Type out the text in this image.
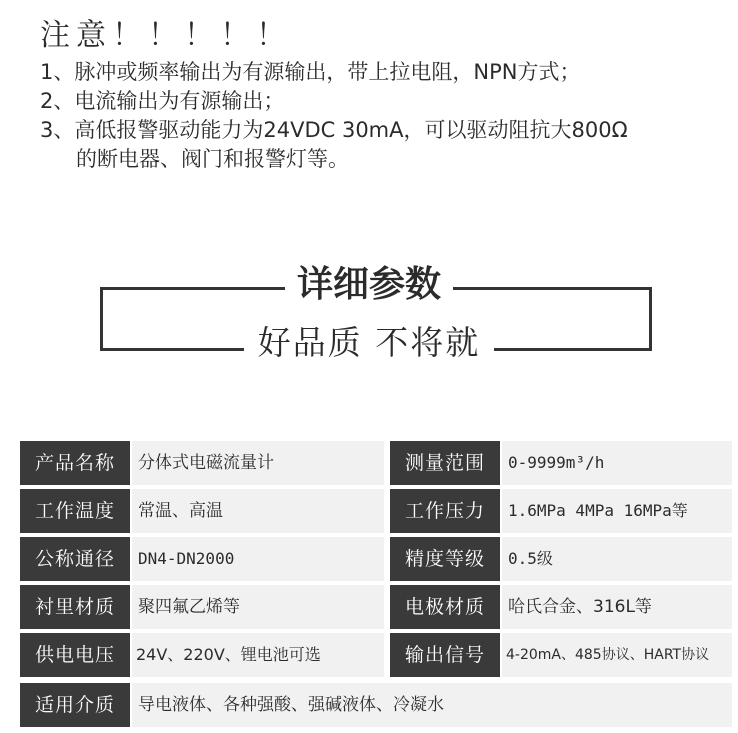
注意！！！！！
1、脉冲或频率输出为有源输出，带上拉电阻，NPN方式；
2、电流输出为有源输出；
3、高低报警驱动能力为24VDC 30mA，可以驱动阻抗大800Ω
的断电器、阀门和报警灯等。
详细参数
好品质 不将就
产品名称	分体式电磁流量计	测量范围	0-9999m³/h
工作温度	常温、高温	工作压力	1.6MPa 4MPa 16MPa等
公称通径	DN4-DN2000	精度等级	0.5级
衬里材质	聚四氟乙烯等	电极材质	哈氏合金、316L等
供电电压	24V、220V、锂电池可选	输出信号	4-20mA、485协议、HART协议
适用介质	导电液体、各种强酸、强碱液体、冷凝水
